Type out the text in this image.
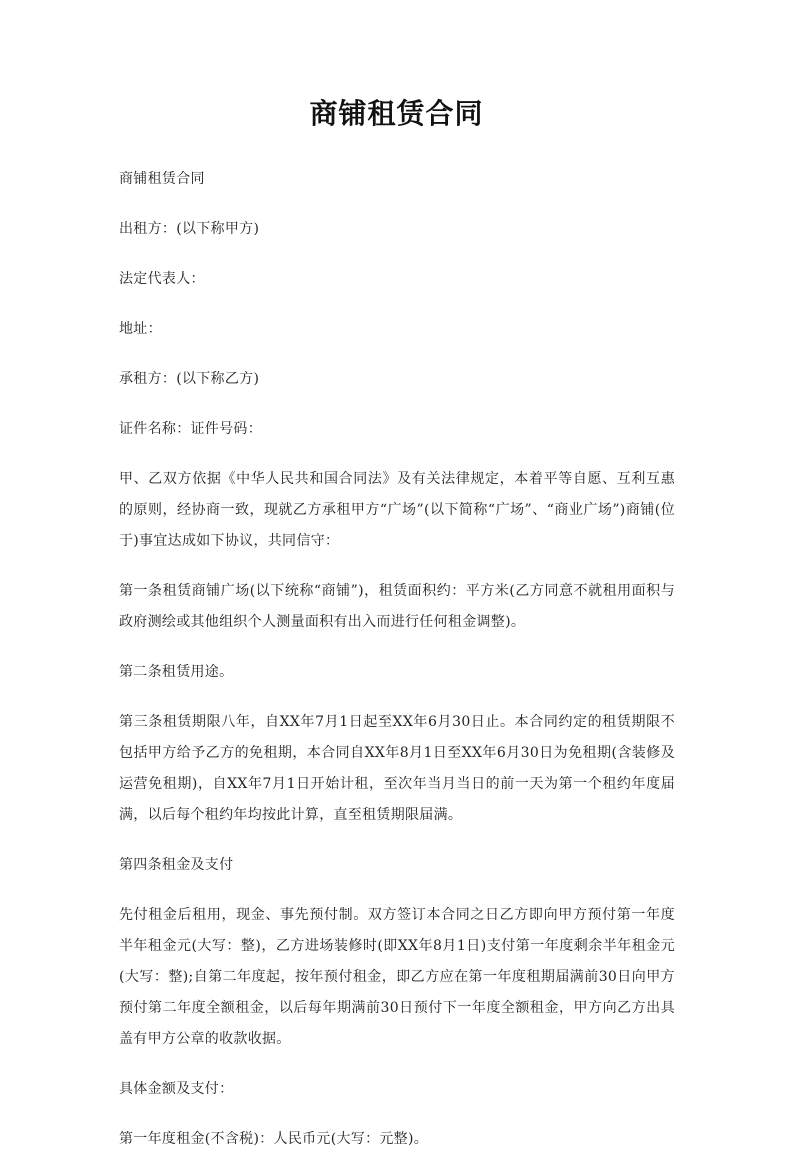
商铺租赁合同

商铺租赁合同

出租方：(以下称甲方)

法定代表人：

地址：

承租方：(以下称乙方)

证件名称：证件号码：

甲、乙双方依据《中华人民共和国合同法》及有关法律规定，本着平等自愿、互利互惠的原则，经协商一致，现就乙方承租甲方“广场”(以下简称“广场”、“商业广场”)商铺(位于)事宜达成如下协议，共同信守：

第一条租赁商铺广场(以下统称“商铺”)，租赁面积约：平方米(乙方同意不就租用面积与政府测绘或其他组织个人测量面积有出入而进行任何租金调整)。

第二条租赁用途。

第三条租赁期限八年，自XX年7月1日起至XX年6月30日止。本合同约定的租赁期限不包括甲方给予乙方的免租期，本合同自XX年8月1日至XX年6月30日为免租期(含装修及运营免租期)，自XX年7月1日开始计租，至次年当月当日的前一天为第一个租约年度届满，以后每个租约年均按此计算，直至租赁期限届满。

第四条租金及支付

先付租金后租用，现金、事先预付制。双方签订本合同之日乙方即向甲方预付第一年度半年租金元(大写：整)，乙方进场装修时(即XX年8月1日)支付第一年度剩余半年租金元(大写：整);自第二年度起，按年预付租金，即乙方应在第一年度租期届满前30日向甲方预付第二年度全额租金，以后每年期满前30日预付下一年度全额租金，甲方向乙方出具盖有甲方公章的收款收据。

具体金额及支付：

第一年度租金(不含税)：人民币元(大写：元整)。
